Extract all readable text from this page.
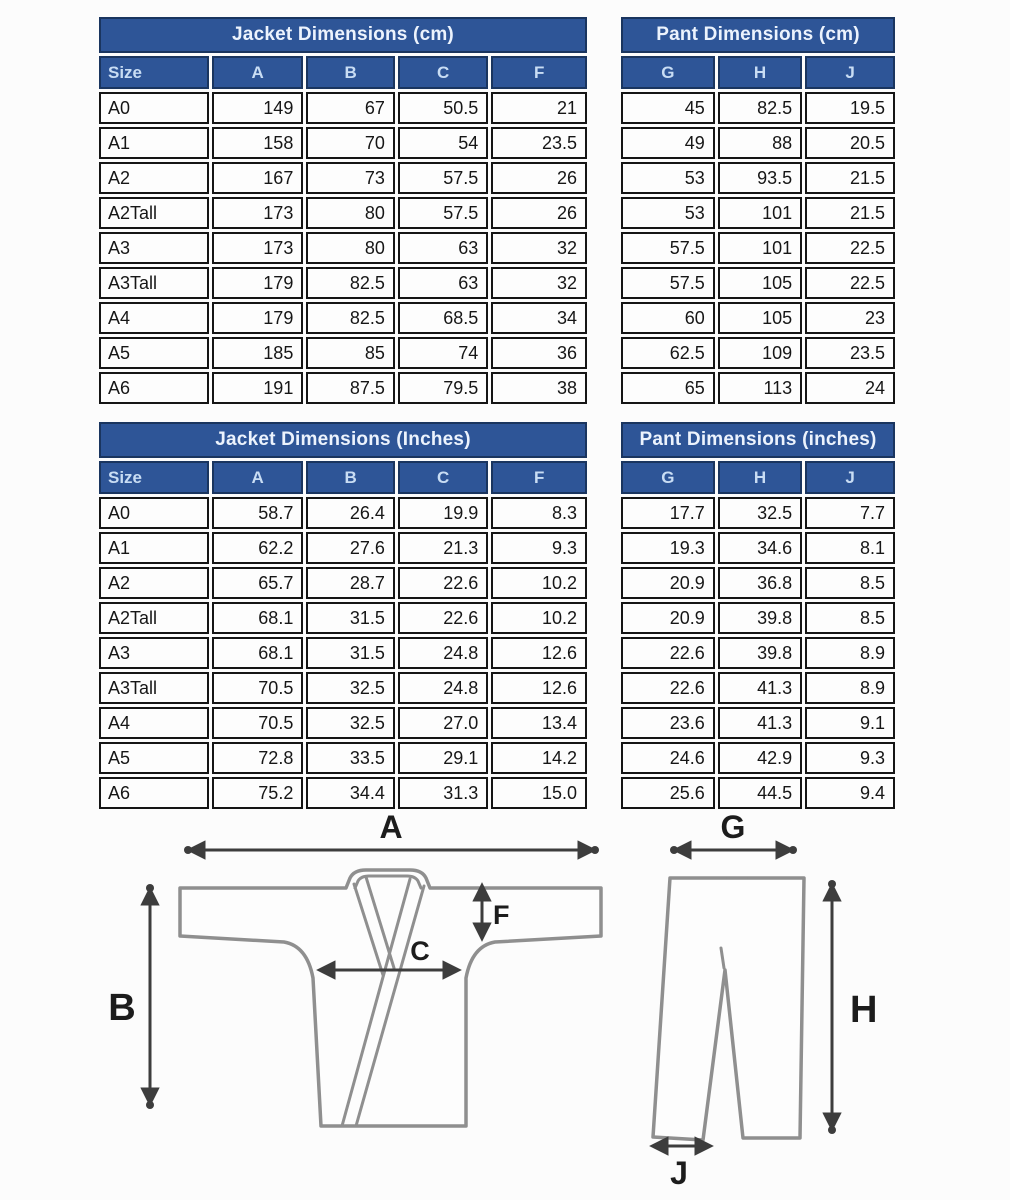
Jacket Dimensions (cm)				
Size	A	B	C	F
A0	149	67	50.5	21
A1	158	70	54	23.5
A2	167	73	57.5	26
A2Tall	173	80	57.5	26
A3	173	80	63	32
A3Tall	179	82.5	63	32
A4	179	82.5	68.5	34
A5	185	85	74	36
A6	191	87.5	79.5	38
Pant Dimensions (cm)		
G	H	J
45	82.5	19.5
49	88	20.5
53	93.5	21.5
53	101	21.5
57.5	101	22.5
57.5	105	22.5
60	105	23
62.5	109	23.5
65	113	24
Jacket Dimensions (Inches)				
Size	A	B	C	F
A0	58.7	26.4	19.9	8.3
A1	62.2	27.6	21.3	9.3
A2	65.7	28.7	22.6	10.2
A2Tall	68.1	31.5	22.6	10.2
A3	68.1	31.5	24.8	12.6
A3Tall	70.5	32.5	24.8	12.6
A4	70.5	32.5	27.0	13.4
A5	72.8	33.5	29.1	14.2
A6	75.2	34.4	31.3	15.0
Pant Dimensions (inches)		
G	H	J
17.7	32.5	7.7
19.3	34.6	8.1
20.9	36.8	8.5
20.9	39.8	8.5
22.6	39.8	8.9
22.6	41.3	8.9
23.6	41.3	9.1
24.6	42.9	9.3
25.6	44.5	9.4
A
B
C
F
G
H
J
